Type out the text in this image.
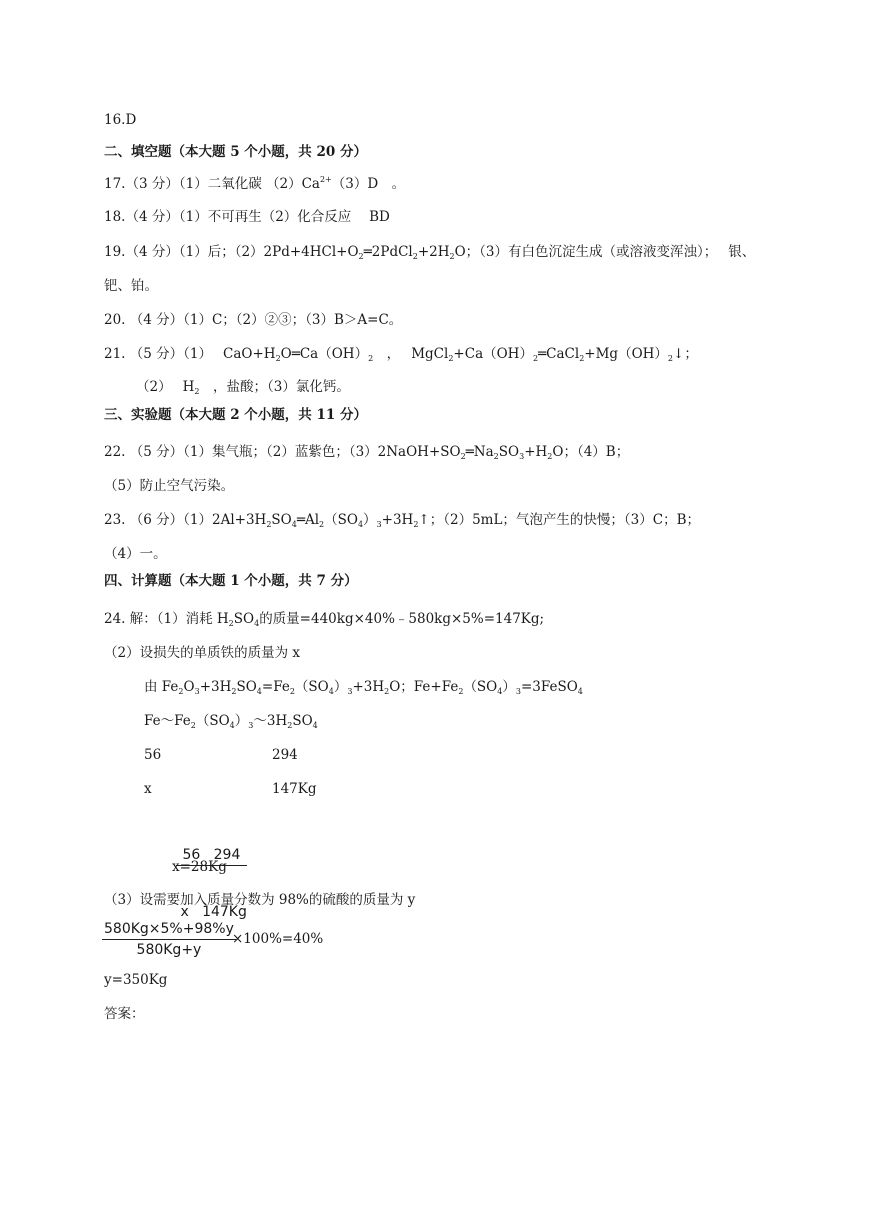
16.D
二、填空题（本大题 5 个小题，共 20 分）
17.（3 分）（1）二氧化碳 $(2)Ca^{2+}(3)D$　。
18.（4 分）（1）不可再生（2）化合反应　 BD
19.（4 分）（1）后；$(2)2Pd+4HCl+O_2═2PdCl_2+2H_2O$；（3）有白色沉淀生成（或溶液变浑浊）；　 银、
钯、铂。
20. （4 分）（1）C；（2）②③；（3）B＞A=C。
21. （5 分）（1）　 $CaO+H_2O═Ca(OH)_2$　，　 $MgCl_2+Ca(OH)_2═CaCl_2+Mg(OH)_2↓$；
（2）　 $H_2$　，盐酸；（3）氯化钙。
三、实验题（本大题 2 个小题，共 11 分）
22. （5 分）（1）集气瓶；（2）蓝紫色；$(3)2NaOH+SO_2═Na_2SO_3+H_2O$；（4）B；
（5）防止空气污染。
23. （6 分）$(1)2Al+3H_2SO_4═Al_2(SO_4)_3+3H_2↑$；（2）5mL；气泡产生的快慢；（3）C；B；
（4）一。
四、计算题（本大题 1 个小题，共 7 分）
24. 解：（1）消耗 $H_2SO_4$的质量=440kg×40%﹣580kg×5%=147Kg;
（2）设损失的单质铁的质量为 x
由 $Fe_2O_3+3H_2SO_4=Fe_2(SO_4)_3+3H_2O$；$Fe+Fe_2(SO_4)_3=3FeSO_4$
$Fe\sim Fe_2(SO_4)_3\sim 3H_2SO_4$
56	294
x	147Kg

$\frac{56 294}{x 147Kg}$

x=28Kg
（3）设需要加入质量分数为 98%的硫酸的质量为 y
$\frac{580Kg\times 5\%+98\%y}{580Kg+y}$
×100%=40%
y=350Kg
答案：
